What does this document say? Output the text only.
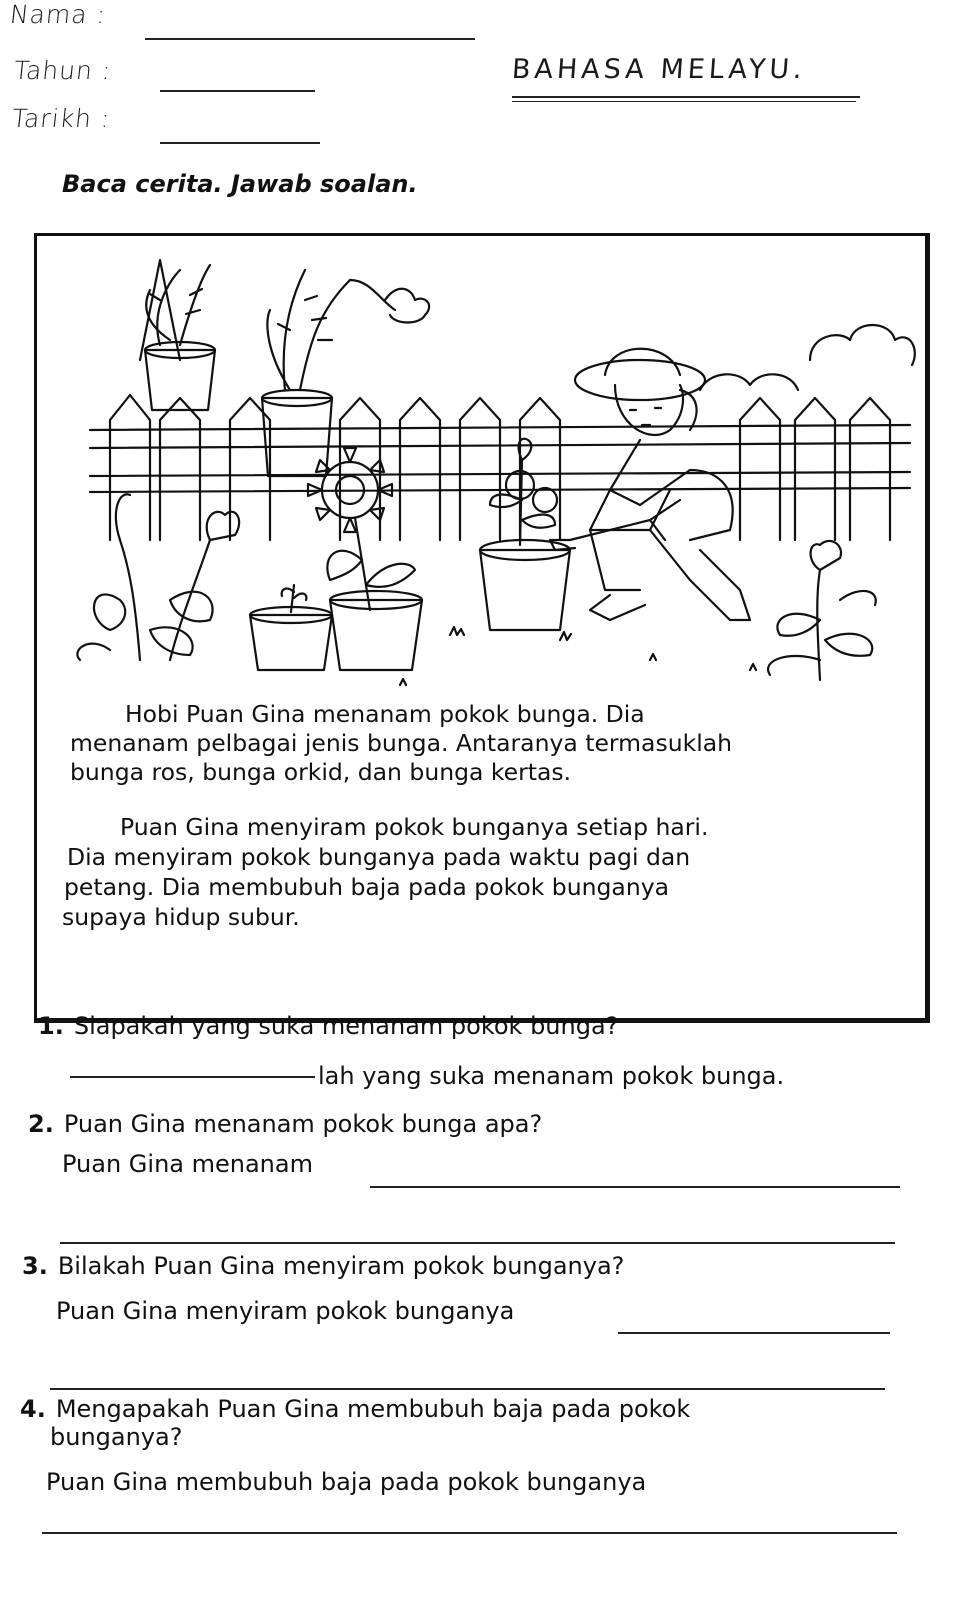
Nama :
Tahun :
Tarikh :
BAHASA MELAYU.
Baca cerita. Jawab soalan.

Hobi Puan Gina menanam pokok bunga. Dia

menanam pelbagai jenis bunga. Antaranya termasuklah

bunga ros, bunga orkid, dan bunga kertas.

Puan Gina menyiram pokok bunganya setiap hari.

Dia menyiram pokok bunganya pada waktu pagi dan

petang. Dia membubuh baja pada pokok bunganya

supaya hidup subur.

1. Siapakah yang suka menanam pokok bunga?
lah yang suka menanam pokok bunga.
2. Puan Gina menanam pokok bunga apa?
Puan Gina menanam
3. Bilakah Puan Gina menyiram pokok bunganya?
Puan Gina menyiram pokok bunganya
4. Mengapakah Puan Gina membubuh baja pada pokok
bunganya?
Puan Gina membubuh baja pada pokok bunganya
